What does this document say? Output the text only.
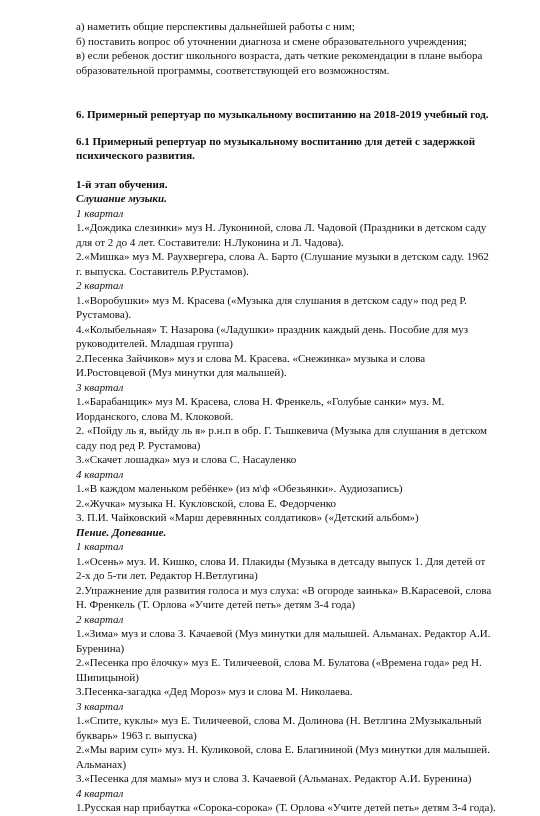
а) наметить общие перспективы дальнейшей работы с ним;

б) поставить вопрос об уточнении диагноза и смене образовательного учреждения;

в) если ребенок достиг школьного возраста, дать четкие рекомендации в плане выбора образовательной программы, соответствующей его возможностям.

6. Примерный репертуар по музыкальному воспитанию на 2018-2019 учебный год.

6.1 Примерный репертуар по музыкальному воспитанию для детей с задержкой психического развития.

1-й этап обучения.

Слушание музыки.

1 квартал

1.«Дождика слезинки» муз Н. Лукониной, слова Л. Чадовой (Праздники в детском саду для от 2 до 4 лет. Составители: Н.Луконина и Л. Чадова).

2.«Мишка» муз М. Раухвергера, слова А. Барто (Слушание музыки в детском саду. 1962 г. выпуска. Составитель Р.Рустамов).

2 квартал

1.«Воробушки» муз М. Красева («Музыка для слушания в детском саду» под ред Р. Рустамова).

4.«Колыбельная» Т. Назарова («Ладушки» праздник каждый день. Пособие для муз руководителей. Младшая группа)

2.Песенка Зайчиков» муз и слова М. Красева. «Снежинка» музыка и слова И.Ростовцевой (Муз минутки для малышей).

3 квартал

1.«Барабанщик» муз М. Красева, слова Н. Френкель, «Голубые санки» муз. М. Иорданского, слова М. Клоковой.

2. «Пойду ль я, выйду ль я» р.н.п в обр. Г. Тышкевича (Музыка для слушания в детском саду под ред Р. Рустамова)

3.«Скачет лошадка» муз и слова С. Насауленко

4 квартал

1.«В каждом маленьком ребёнке» (из м\ф «Обезьянки». Аудиозапись)

2.«Жучка» музыка Н. Кукловской, слова Е. Федорченко

3. П.И. Чайковский «Марш деревянных солдатиков» («Детский альбом»)

Пение. Допевание.

1 квартал

1.«Осень» муз. И. Кишко, слова И. Плакиды (Музыка в детсаду выпуск 1. Для детей от 2-х до 5-ти лет. Редактор Н.Ветлугина)

2.Упражнение для развития голоса и муз слуха: «В огороде заинька» В.Карасевой, слова Н. Френкель (Т. Орлова «Учите детей петь» детям 3-4 года)

2 квартал

1.«Зима» муз и слова З. Качаевой (Муз минутки для малышей. Альманах. Редактор А.И. Буренина)

2.«Песенка про ёлочку» муз Е. Тиличеевой, слова М. Булатова («Времена года» ред Н. Шипицыной)

3.Песенка-загадка «Дед Мороз» муз и слова М. Николаева.

3 квартал

1.«Спите, куклы» муз Е. Тиличеевой, слова М. Долинова (Н. Ветлгина 2Музыкальный букварь» 1963 г. выпуска)

2.«Мы варим суп» муз. Н. Куликовой, слова Е. Благининой (Муз минутки для малышей. Альманах)

3.«Песенка для мамы» муз и слова З. Качаевой (Альманах. Редактор А.И. Буренина)

4 квартал

1.Русская нар прибаутка «Сорока-сорока» (Т. Орлова «Учите детей петь» детям 3-4 года).
